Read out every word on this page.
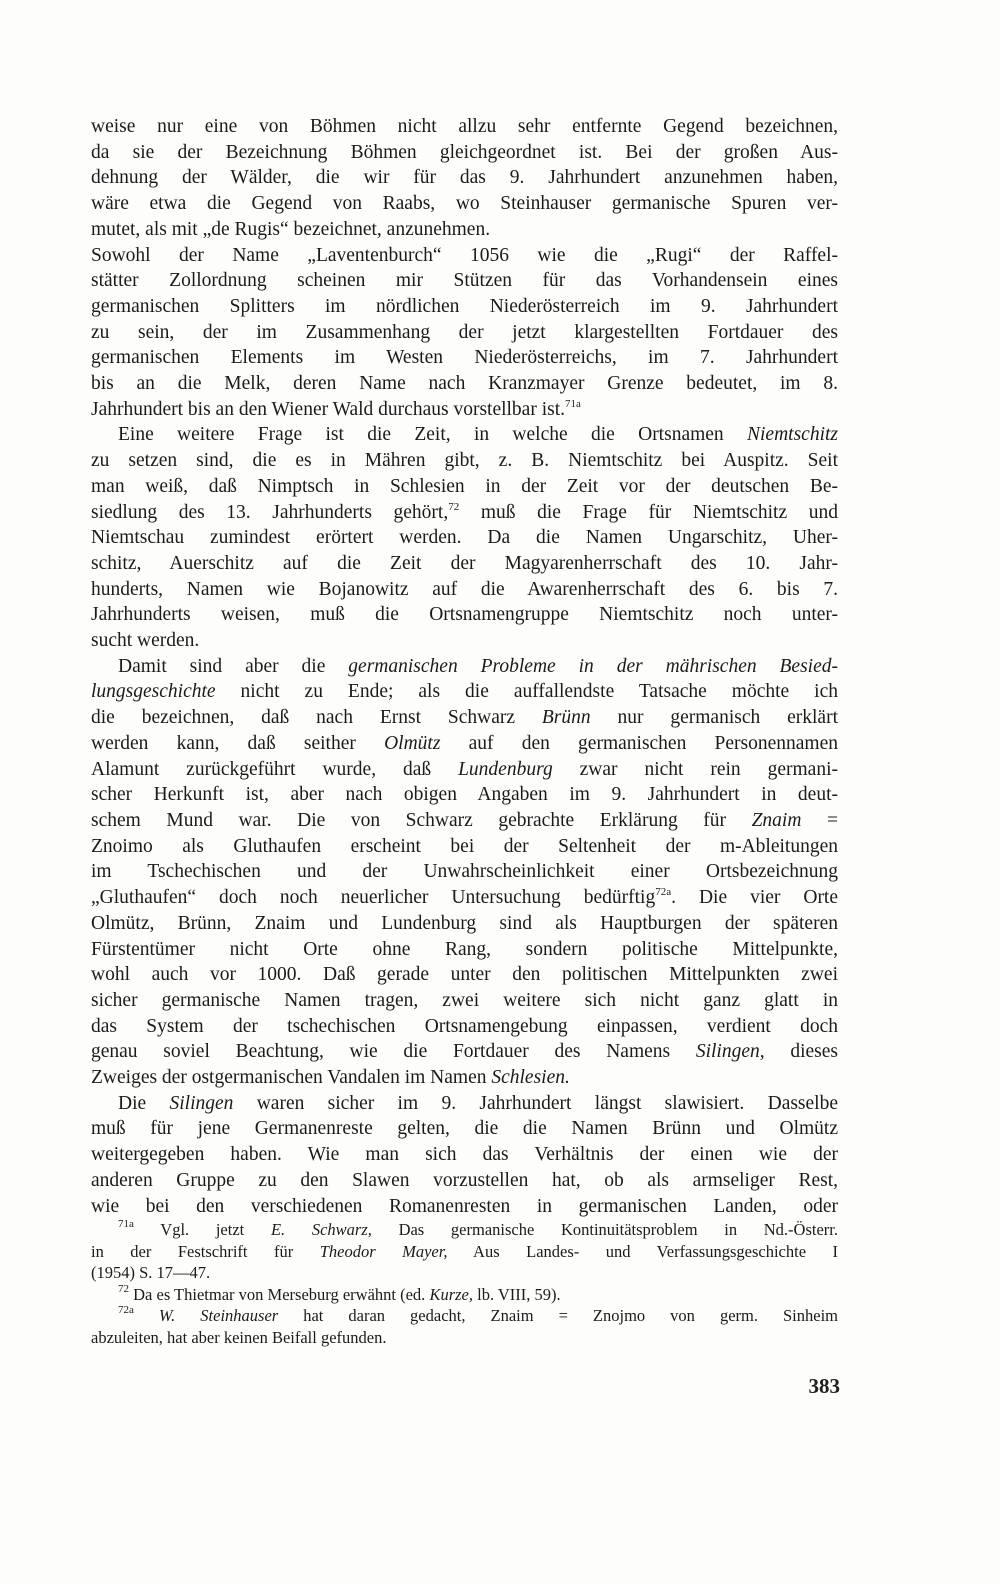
weise nur eine von Böhmen nicht allzu sehr entfernte Gegend bezeichnen,
da sie der Bezeichnung Böhmen gleichgeordnet ist. Bei der großen Aus-
dehnung der Wälder, die wir für das 9. Jahrhundert anzunehmen haben,
wäre etwa die Gegend von Raabs, wo Steinhauser germanische Spuren ver-
mutet, als mit „de Rugis“ bezeichnet, anzunehmen.

Sowohl der Name „Laventenburch“ 1056 wie die „Rugi“ der Raffel-
stätter Zollordnung scheinen mir Stützen für das Vorhandensein eines
germanischen Splitters im nördlichen Niederösterreich im 9. Jahrhundert
zu sein, der im Zusammenhang der jetzt klargestellten Fortdauer des
germanischen Elements im Westen Niederösterreichs, im 7. Jahrhundert
bis an die Melk, deren Name nach Kranzmayer Grenze bedeutet, im 8.
Jahrhundert bis an den Wiener Wald durchaus vorstellbar ist.$^{71a}$

Eine weitere Frage ist die Zeit, in welche die Ortsnamen Niemtschitz
zu setzen sind, die es in Mähren gibt, z. B. Niemtschitz bei Auspitz. Seit
man weiß, daß Nimptsch in Schlesien in der Zeit vor der deutschen Be-
siedlung des 13. Jahrhunderts gehört,$^{72}$ muß die Frage für Niemtschitz und
Niemtschau zumindest erörtert werden. Da die Namen Ungarschitz, Uher-
schitz, Auerschitz auf die Zeit der Magyarenherrschaft des 10. Jahr-
hunderts, Namen wie Bojanowitz auf die Awarenherrschaft des 6. bis 7.
Jahrhunderts weisen, muß die Ortsnamengruppe Niemtschitz noch unter-
sucht werden.

Damit sind aber die germanischen Probleme in der mährischen Besied-
lungsgeschichte nicht zu Ende; als die auffallendste Tatsache möchte ich
die bezeichnen, daß nach Ernst Schwarz Brünn nur germanisch erklärt
werden kann, daß seither Olmütz auf den germanischen Personennamen
Alamunt zurückgeführt wurde, daß Lundenburg zwar nicht rein germani-
scher Herkunft ist, aber nach obigen Angaben im 9. Jahrhundert in deut-
schem Mund war. Die von Schwarz gebrachte Erklärung für Znaim =
Znoimo als Gluthaufen erscheint bei der Seltenheit der m-Ableitungen
im Tschechischen und der Unwahrscheinlichkeit einer Ortsbezeichnung
„Gluthaufen“ doch noch neuerlicher Untersuchung bedürftig$^{72a}$. Die vier Orte
Olmütz, Brünn, Znaim und Lundenburg sind als Hauptburgen der späteren
Fürstentümer nicht Orte ohne Rang, sondern politische Mittelpunkte,
wohl auch vor 1000. Daß gerade unter den politischen Mittelpunkten zwei
sicher germanische Namen tragen, zwei weitere sich nicht ganz glatt in
das System der tschechischen Ortsnamengebung einpassen, verdient doch
genau soviel Beachtung, wie die Fortdauer des Namens Silingen, dieses
Zweiges der ostgermanischen Vandalen im Namen Schlesien.

Die Silingen waren sicher im 9. Jahrhundert längst slawisiert. Dasselbe
muß für jene Germanenreste gelten, die die Namen Brünn und Olmütz
weitergegeben haben. Wie man sich das Verhältnis der einen wie der
anderen Gruppe zu den Slawen vorzustellen hat, ob als armseliger Rest,
wie bei den verschiedenen Romanenresten in germanischen Landen, oder

$^{71a}$ Vgl. jetzt E. Schwarz, Das germanische Kontinuitätsproblem in Nd.-Österr.
in der Festschrift für Theodor Mayer, Aus Landes- und Verfassungsgeschichte I
(1954) S. 17—47.

$^{72}$ Da es Thietmar von Merseburg erwähnt (ed. Kurze, lb. VIII, 59).

$^{72a}$ W. Steinhauser hat daran gedacht, Znaim = Znojmo von germ. Sinheim
abzuleiten, hat aber keinen Beifall gefunden.

383
